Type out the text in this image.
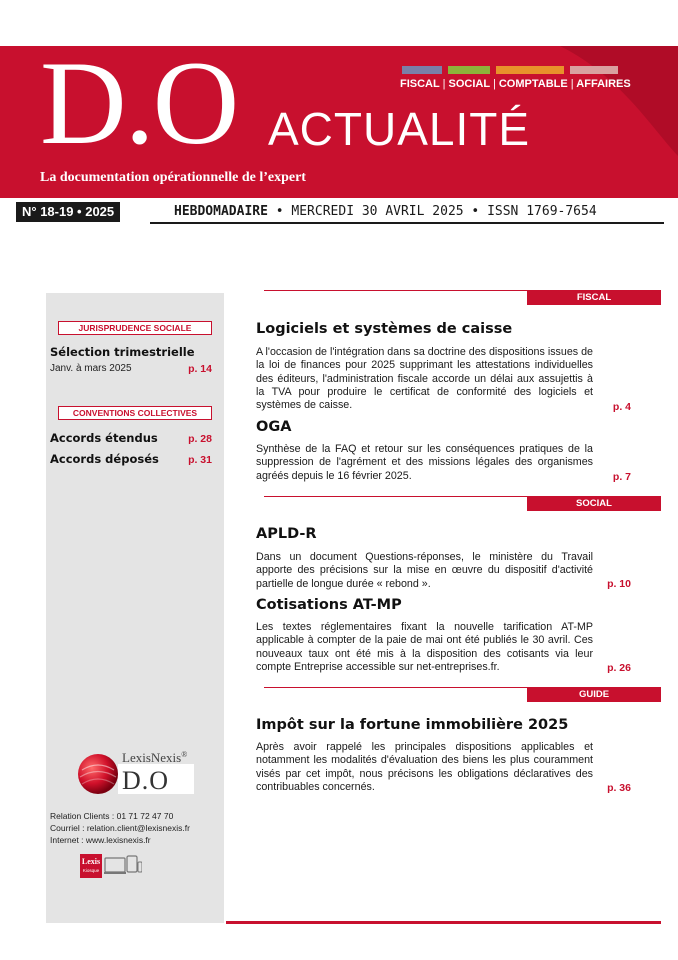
D.O ACTUALITÉ
La documentation opérationnelle de l’expert
FISCAL | SOCIAL | COMPTABLE | AFFAIRES
N° 18-19 • 2025	HEBDOMADAIRE • MERCREDI 30 AVRIL 2025 • ISSN 1769-7654
JURISPRUDENCE SOCIALE
Sélection trimestrielle
Janv. à mars 2025	p. 14
CONVENTIONS COLLECTIVES
Accords étendus	p. 28
Accords déposés	p. 31
LexisNexis®
D.O
Relation Clients : 01 71 72 47 70
Courriel : relation.client@lexisnexis.fr
Internet : www.lexisnexis.fr
Lexis
Kiosque
FISCAL
Logiciels et systèmes de caisse
A l'occasion de l'intégration dans sa doctrine des dispositions issues de la loi de finances pour 2025 supprimant les attestations individuelles des éditeurs, l'administration fiscale accorde un délai aux assujettis à la TVA pour produire le certificat de conformité des logiciels et systèmes de caisse.	p. 4
OGA
Synthèse de la FAQ et retour sur les conséquences pratiques de la suppression de l'agrément et des missions légales des organismes agréés depuis le 16 février 2025.	p. 7
SOCIAL
APLD-R
Dans un document Questions-réponses, le ministère du Travail apporte des précisions sur la mise en œuvre du dispositif d'activité partielle de longue durée « rebond ».	p. 10
Cotisations AT-MP
Les textes réglementaires fixant la nouvelle tarification AT-MP applicable à compter de la paie de mai ont été publiés le 30 avril. Ces nouveaux taux ont été mis à la disposition des cotisants via leur compte Entreprise accessible sur net-entreprises.fr.	p. 26
GUIDE
Impôt sur la fortune immobilière 2025
Après avoir rappelé les principales dispositions applicables et notamment les modalités d'évaluation des biens les plus couramment visés par cet impôt, nous précisons les obligations déclaratives des contribuables concernés.	p. 36
